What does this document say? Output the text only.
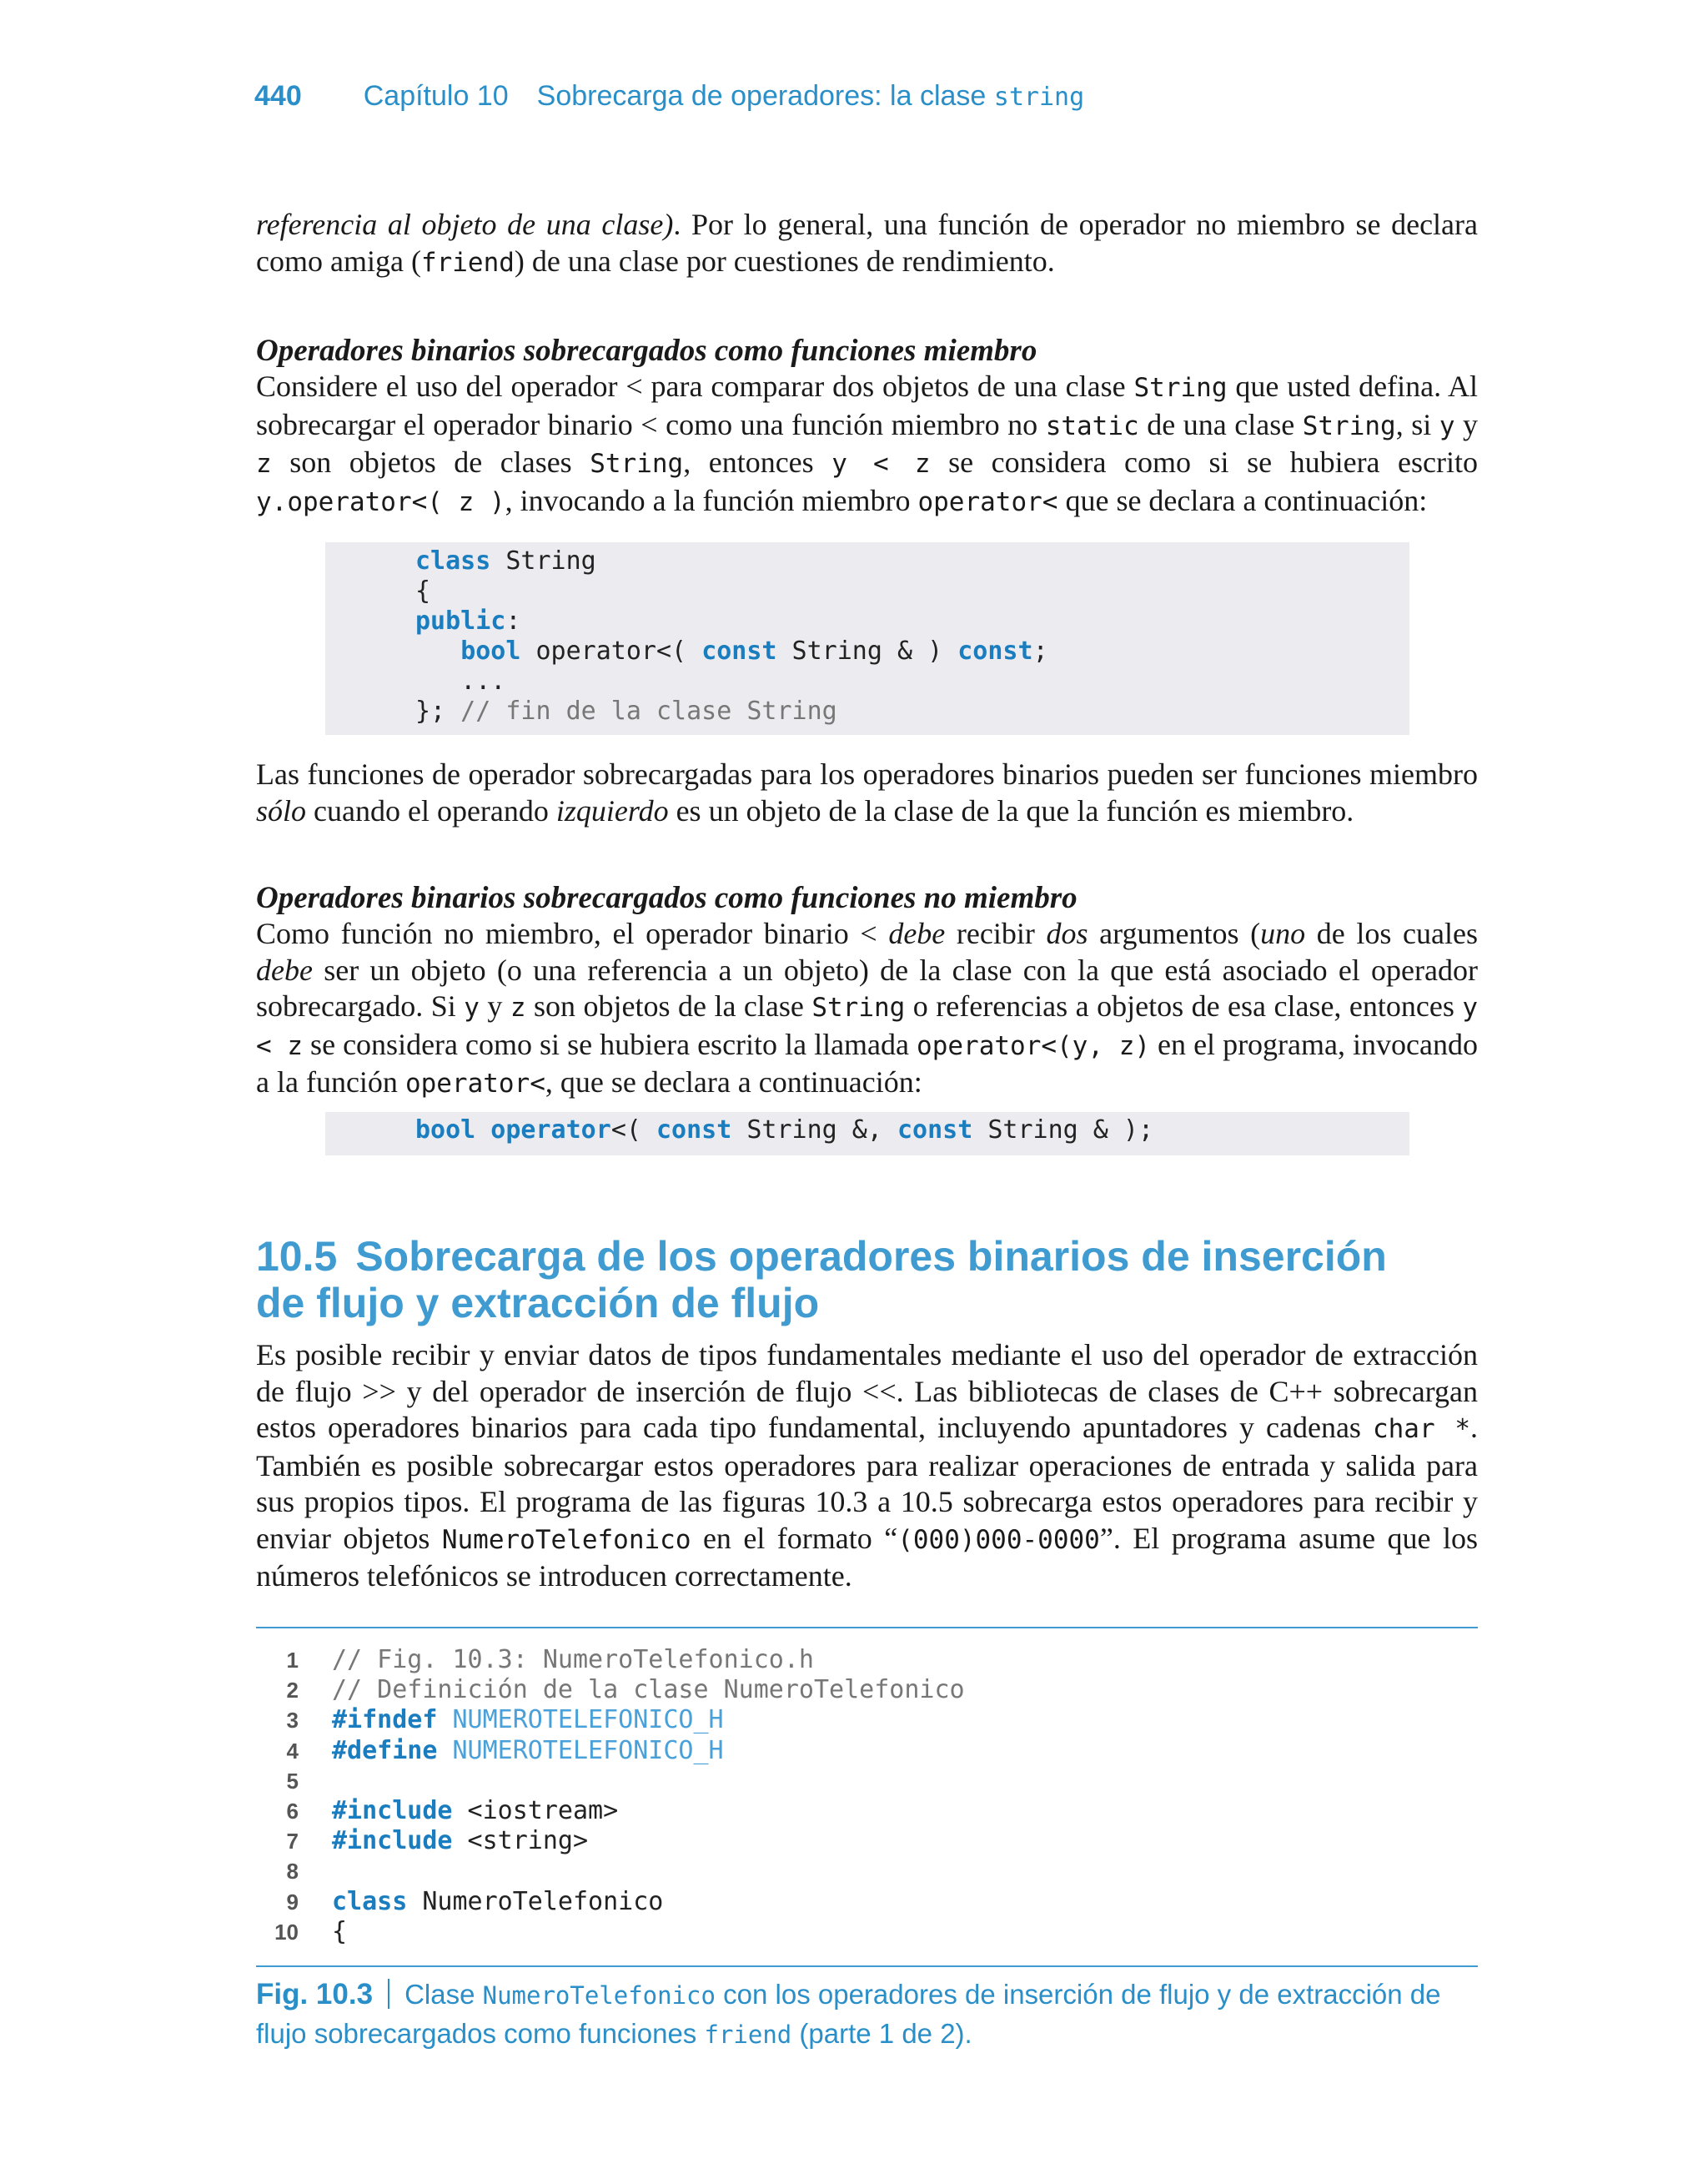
440 Capítulo 10 Sobrecarga de operadores: la clase string

referencia al objeto de una clase). Por lo general, una función de operador no miembro se declara como amiga (friend) de una clase por cuestiones de rendimiento.

Operadores binarios sobrecargados como funciones miembro

Considere el uso del operador < para comparar dos objetos de una clase String que usted defina. Al sobrecargar el operador binario < como una función miembro no static de una clase String, si y y z son objetos de clases String, entonces y < z se considera como si se hubiera escrito y.operator<( z ), invocando a la función miembro operator< que se declara a continuación:

class String
{
public:
bool operator<( const String & ) const;
...
}; // fin de la clase String

Las funciones de operador sobrecargadas para los operadores binarios pueden ser funciones miembro sólo cuando el operando izquierdo es un objeto de la clase de la que la función es miembro.

Operadores binarios sobrecargados como funciones no miembro

Como función no miembro, el operador binario < debe recibir dos argumentos (uno de los cuales debe ser un objeto (o una referencia a un objeto) de la clase con la que está asociado el operador sobrecargado. Si y y z son objetos de la clase String o referencias a objetos de esa clase, entonces y < z se considera como si se hubiera escrito la llamada operator<(y, z) en el programa, invocando a la función operator<, que se declara a continuación:

bool operator<( const String &, const String & );
10.5 Sobrecarga de los operadores binarios de inserción
de flujo y extracción de flujo

Es posible recibir y enviar datos de tipos fundamentales mediante el uso del operador de extracción de flujo >> y del operador de inserción de flujo <<. Las bibliotecas de clases de C++ sobrecargan estos operadores binarios para cada tipo fundamental, incluyendo apuntadores y cadenas char *. También es posible sobrecargar estos operadores para realizar operaciones de entrada y salida para sus propios tipos. El programa de las figuras 10.3 a 10.5 sobrecarga estos operadores para recibir y enviar objetos NumeroTelefonico en el formato “(000)000-0000”. El programa asume que los números telefónicos se introducen correctamente.

1 // Fig. 10.3: NumeroTelefonico.h
2 // Definición de la clase NumeroTelefonico
3 #ifndef NUMEROTELEFONICO_H
4 #define NUMEROTELEFONICO_H
5
6 #include <iostream>
7 #include <string>
8
9 class NumeroTelefonico
10 {

Fig. 10.3 Clase NumeroTelefonico con los operadores de inserción de flujo y de extracción de flujo sobrecargados como funciones friend (parte 1 de 2).
